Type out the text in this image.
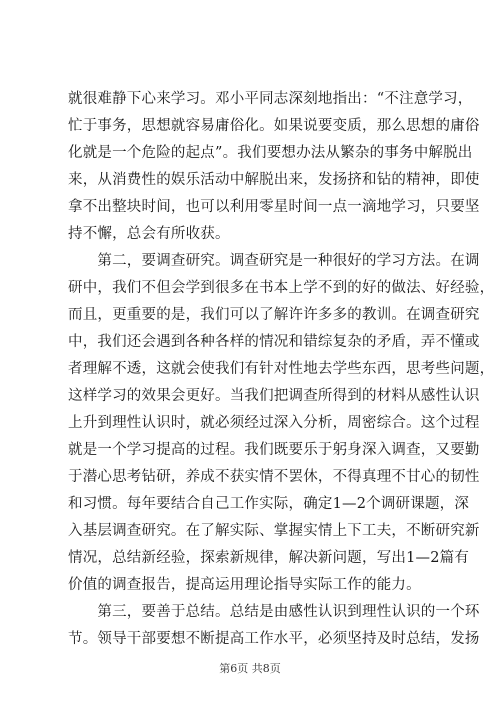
就很难静下心来学习。邓小平同志深刻地指出：“不注意学习，
忙于事务，思想就容易庸俗化。如果说要变质，那么思想的庸俗
化就是一个危险的起点”。我们要想办法从繁杂的事务中解脱出
来，从消费性的娱乐活动中解脱出来，发扬挤和钻的精神，即使
拿不出整块时间，也可以利用零星时间一点一滴地学习，只要坚
持不懈，总会有所收获。
　　第二，要调查研究。调查研究是一种很好的学习方法。在调
研中，我们不但会学到很多在书本上学不到的好的做法、好经验，
而且，更重要的是，我们可以了解许许多多的教训。在调查研究
中，我们还会遇到各种各样的情况和错综复杂的矛盾，弄不懂或
者理解不透，这就会使我们有针对性地去学些东西，思考些问题，
这样学习的效果会更好。当我们把调查所得到的材料从感性认识
上升到理性认识时，就必须经过深入分析，周密综合。这个过程
就是一个学习提高的过程。我们既要乐于躬身深入调查，又要勤
于潜心思考钻研，养成不获实情不罢休，不得真理不甘心的韧性
和习惯。每年要结合自己工作实际，确定1—2个调研课题，深
入基层调查研究。在了解实际、掌握实情上下工夫，不断研究新
情况，总结新经验，探索新规律，解决新问题，写出1—2篇有
价值的调查报告，提高运用理论指导实际工作的能力。
　　第三，要善于总结。总结是由感性认识到理性认识的一个环
节。领导干部要想不断提高工作水平，必须坚持及时总结，发扬
第6页 共8页
